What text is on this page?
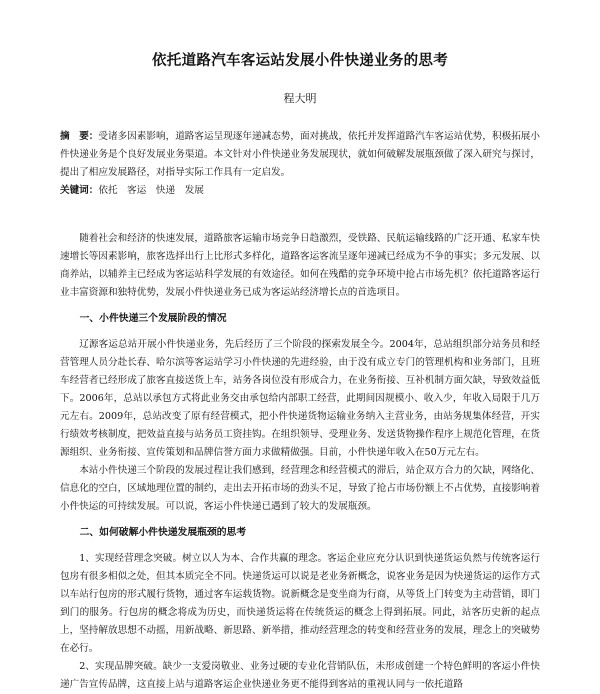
依托道路汽车客运站发展小件快递业务的思考
程大明

摘　要：受诸多因素影响，道路客运呈现逐年递减态势，面对挑战，依托并发挥道路汽车客运站优势，积极拓展小件快递业务是个良好发展业务渠道。本文针对小件快递业务发展现状，就如何破解发展瓶颈做了深入研究与探讨，提出了相应发展路径，对指导实际工作具有一定启发。

关键词：依托　客运　快递　发展

随着社会和经济的快速发展，道路旅客运输市场竞争日趋激烈，受铁路、民航运输线路的广泛开通、私家车快速增长等因素影响，旅客选择出行上比形式多样化，道路客运客流呈逐年递减已经成为不争的事实；多元发展、以商养站，以辅养主已经成为客运站科学发展的有效途径。如何在残酷的竞争环境中抢占市场先机？依托道路客运行业丰富资源和独特优势，发展小件快递业务已成为客运站经济增长点的首选项目。

一、小件快递三个发展阶段的情况

辽源客运总站开展小件快递业务，先后经历了三个阶段的探索发展全今。2004年，总站组织部分站务员和经营管理人员分赴长春、哈尔滨等客运站学习小件快递的先进经验，由于没有成立专门的管理机构和业务部门，且班车经营者已经形成了旅客直接送货上车，站务各岗位没有形成合力，在业务衔接、互补机制方面欠缺，导致效益低下。2006年，总站以承包方式将此业务交由承包给内部职工经营，此期间因规模小、收入少，年收入局限于几万元左右。2009年，总站改变了原有经营模式，把小件快递货物运输业务纳入主营业务，由站务规集体经营，开实行绩效考核制度，把效益直接与站务员工资挂钩。在组织领导、受理业务、发送货物操作程序上规范化管理，在货源组织、业务衔接、宣传策划和品牌信誉方面力求做精做强。目前，小件快递年收入在50万元左右。

本站小件快递三个阶段的发展过程让我们感到，经营理念和经营模式的滞后，站企双方合力的欠缺，网络化、信息化的空白，区域地理位置的制约，走出去开拓市场的劲头不足，导致了抢占市场份额上不占优势，直接影响着小件快运的可持续发展。可以说，客运小件快递已遇到了较大的发展瓶颈。

二、如何破解小件快递发展瓶颈的思考

1、实现经营理念突破。树立以人为本、合作共赢的理念。客运企业应充分认识到快递货运负然与传统客运行包房有很多相似之处，但其本质完全不同。快递货运可以说是老业务新概念，说客业务是因为快递货运的运作方式以车站行包房的形式履行货物，通过客车运载货物。说新概念是变坐商为行商，从等货上门转变为主动营销，即门到门的服务。行包房的概念将成为历史，而快递货运将在传统货运的概念上得到拓展。同此，站客历史新的起点上，坚持解放思想不动摇，用新战略、新思路、新举措，推动经营理念的转变和经营业务的发展，理念上的突破势在必行。

2、实现品牌突破。缺少一支爱岗敬业、业务过硬的专业化营销队伍，未形成创建一个特色鲜明的客运小件快递广告宣传品牌，这直接上站与道路客运企业快递业务更不能得到客站的重视认同与一依托道路
